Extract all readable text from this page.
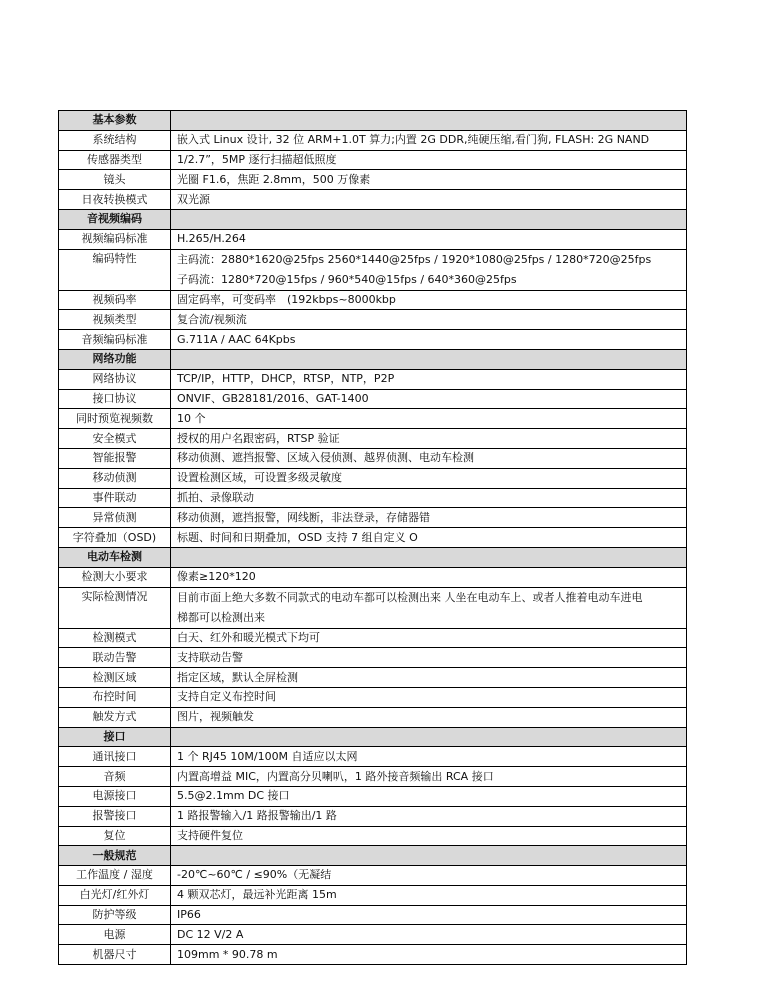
基本参数	
系统结构	嵌入式 Linux 设计, 32 位 ARM+1.0T 算力;内置 2G DDR,纯硬压缩,看门狗, FLASH: 2G NAND
传感器类型	1/2.7”，5MP 逐行扫描超低照度
镜头	光圈 F1.6，焦距 2.8mm，500 万像素
日夜转换模式	双光源
音视频编码	
视频编码标准	H.265/H.264
编码特性	主码流：2880*1620@25fps 2560*1440@25fps / 1920*1080@25fps / 1280*720@25fps
子码流：1280*720@15fps / 960*540@15fps / 640*360@25fps

视频码率	固定码率，可变码率　(192kbps~8000kbp
视频类型	复合流/视频流
音频编码标准	G.711A / AAC 64Kpbs
网络功能	
网络协议	TCP/IP，HTTP，DHCP，RTSP，NTP，P2P
接口协议	ONVIF、GB28181/2016、GAT-1400
同时预览视频数	10 个
安全模式	授权的用户名跟密码，RTSP 验证
智能报警	移动侦测、遮挡报警、区域入侵侦测、越界侦测、电动车检测
移动侦测	设置检测区域，可设置多级灵敏度
事件联动	抓拍、录像联动
异常侦测	移动侦测，遮挡报警，网线断，非法登录，存储器错
字符叠加（OSD)	标题、时间和日期叠加，OSD 支持 7 组自定义 O
电动车检测	
检测大小要求	像素≥120*120
实际检测情况	目前市面上绝大多数不同款式的电动车都可以检测出来 人坐在电动车上、或者人推着电动车进电
梯都可以检测出来

检测模式	白天、红外和暖光模式下均可
联动告警	支持联动告警
检测区域	指定区域，默认全屏检测
布控时间	支持自定义布控时间
触发方式	图片，视频触发
接口	
通讯接口	1 个 RJ45 10M/100M 自适应以太网
音频	内置高增益 MIC，内置高分贝喇叭，1 路外接音频输出 RCA 接口
电源接口	5.5@2.1mm DC 接口
报警接口	1 路报警输入/1 路报警输出/1 路
复位	支持硬件复位
一般规范	
工作温度 / 湿度	-20℃~60℃ / ≤90%（无凝结
白光灯/红外灯	4 颗双芯灯，最远补光距离 15m
防护等级	IP66
电源	DC 12 V/2 A
机器尺寸	109mm * 90.78 m
